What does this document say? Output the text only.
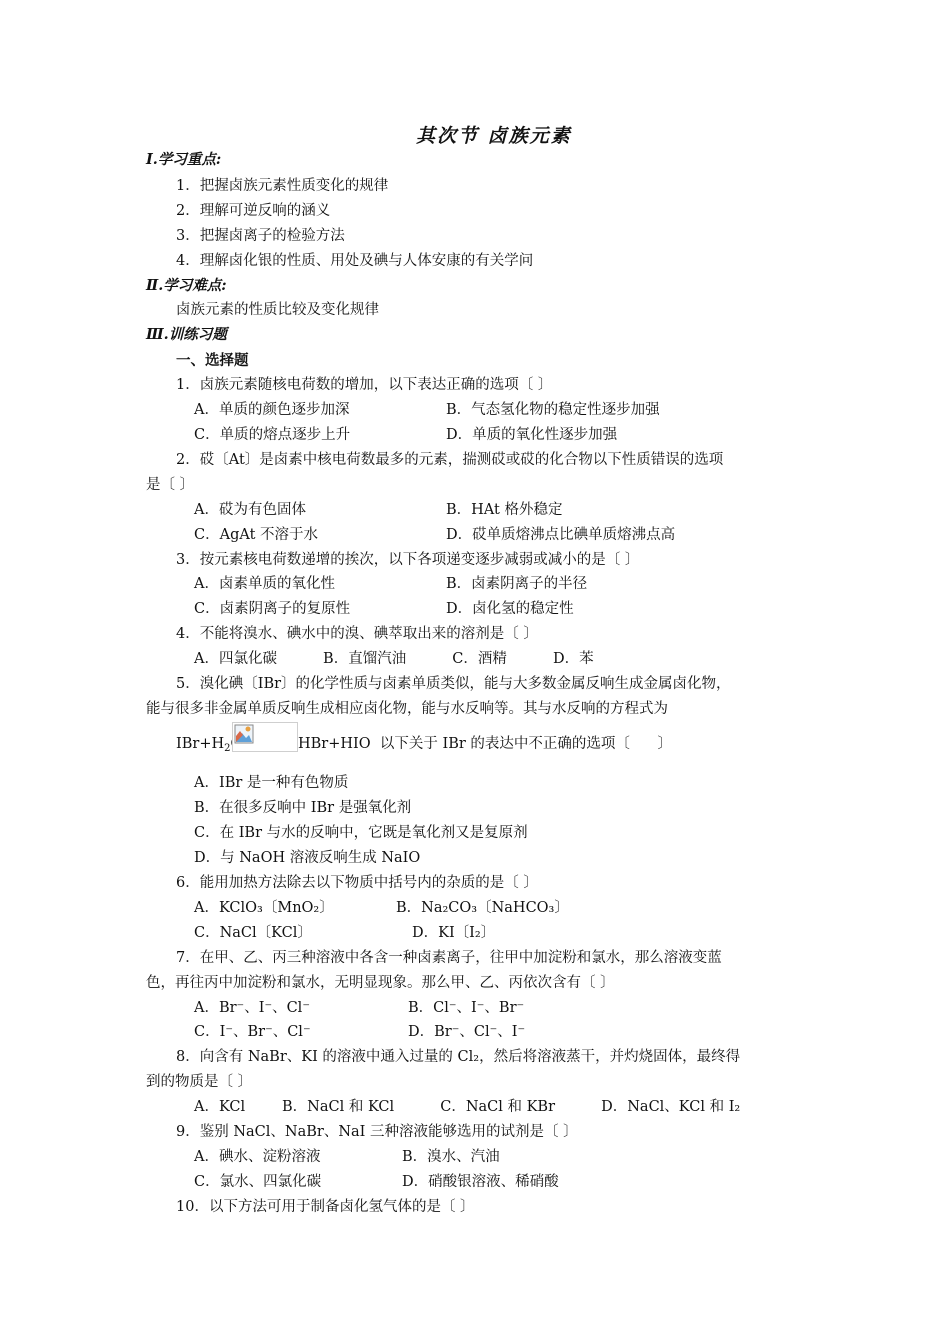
其次节 卤族元素
Ⅰ.学习重点:
1．把握卤族元素性质变化的规律
2．理解可逆反响的涵义
3．把握卤离子的检验方法
4．理解卤化银的性质、用处及碘与人体安康的有关学问
Ⅱ.学习难点:
卤族元素的性质比较及变化规律
Ⅲ.训练习题
一、选择题
1．卤族元素随核电荷数的增加，以下表达正确的选项〔 〕
A．单质的颜色逐步加深	B．气态氢化物的稳定性逐步加强
C．单质的熔点逐步上升	D．单质的氧化性逐步加强
2．砹〔At〕是卤素中核电荷数最多的元素，揣测砹或砹的化合物以下性质错误的选项
是〔 〕
A．砹为有色固体	B．HAt 格外稳定
C．AgAt 不溶于水	D．砹单质熔沸点比碘单质熔沸点高
3．按元素核电荷数递增的挨次，以下各项递变逐步减弱或减小的是〔 〕
A．卤素单质的氧化性	B．卤素阴离子的半径
C．卤素阴离子的复原性	D．卤化氢的稳定性
4．不能将溴水、碘水中的溴、碘萃取出来的溶剂是〔 〕
A．四氯化碳          B．直馏汽油          C．酒精          D．苯
5．溴化碘〔IBr〕的化学性质与卤素单质类似，能与大多数金属反响生成金属卤化物，
能与很多非金属单质反响生成相应卤化物，能与水反响等。其与水反响的方程式为
$IBr+H_2$	HBr+HIO  以下关于 IBr 的表达中不正确的选项〔      〕
A．IBr 是一种有色物质
B．在很多反响中 IBr 是强氧化剂
C．在 IBr 与水的反响中，它既是氧化剂又是复原剂
D．与 NaOH 溶液反响生成 NaIO
6．能用加热方法除去以下物质中括号内的杂质的是〔 〕
A．KClO₃〔MnO₂〕	B．Na₂CO₃〔NaHCO₃〕
C．NaCl〔KCl〕	D．KI〔I₂〕
7．在甲、乙、丙三种溶液中各含一种卤素离子，往甲中加淀粉和氯水，那么溶液变蓝
色，再往丙中加淀粉和氯水，无明显现象。那么甲、乙、丙依次含有〔 〕
A．Br⁻、I⁻、Cl⁻	B．Cl⁻、I⁻、Br⁻
C．I⁻、Br⁻、Cl⁻	D．Br⁻、Cl⁻、I⁻
8．向含有 NaBr、KI 的溶液中通入过量的 Cl₂，然后将溶液蒸干，并灼烧固体，最终得
到的物质是〔 〕
A．KCl        B．NaCl 和 KCl          C．NaCl 和 KBr          D．NaCl、KCl 和 I₂
9．鉴别 NaCl、NaBr、NaI 三种溶液能够选用的试剂是〔 〕
A．碘水、淀粉溶液	B．溴水、汽油
C．氯水、四氯化碳	D．硝酸银溶液、稀硝酸
10．以下方法可用于制备卤化氢气体的是〔 〕
